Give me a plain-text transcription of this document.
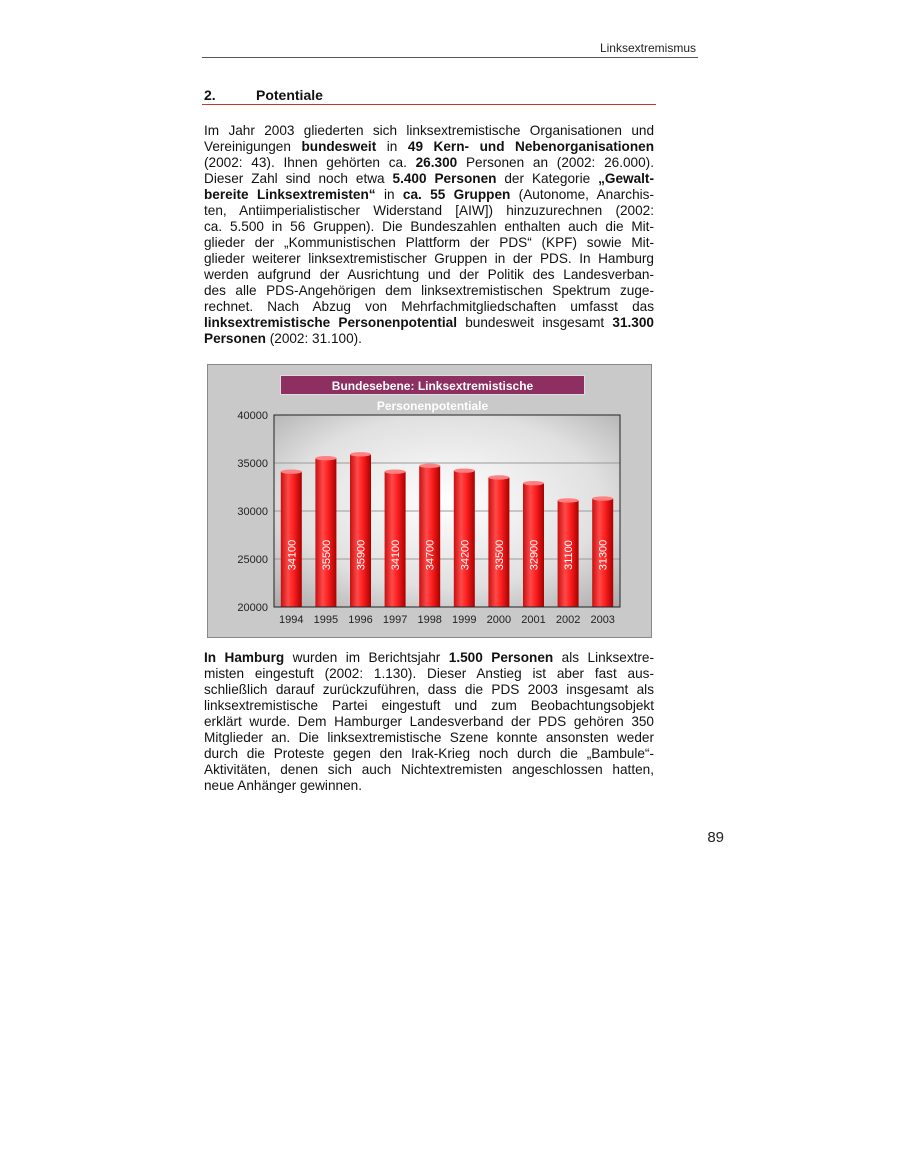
Linksextremismus
2.	Potentiale

Im Jahr 2003 gliederten sich linksextremistische Organisationen und
Vereinigungen bundesweit in 49 Kern- und Nebenorganisationen
(2002: 43). Ihnen gehörten ca. 26.300 Personen an (2002: 26.000).
Dieser Zahl sind noch etwa 5.400 Personen der Kategorie „Gewalt-
bereite Linksextremisten“ in ca. 55 Gruppen (Autonome, Anarchis-
ten, Antiimperialistischer Widerstand [AIW]) hinzuzurechnen (2002:
ca. 5.500 in 56 Gruppen). Die Bundeszahlen enthalten auch die Mit-
glieder der „Kommunistischen Plattform der PDS“ (KPF) sowie Mit-
glieder weiterer linksextremistischer Gruppen in der PDS. In Hamburg
werden aufgrund der Ausrichtung und der Politik des Landesverban-
des alle PDS-Angehörigen dem linksextremistischen Spektrum zuge-
rechnet. Nach Abzug von Mehrfachmitgliedschaften umfasst das
linksextremistische Personenpotential bundesweit insgesamt 31.300
Personen (2002: 31.100).

34100 35500 35900 34100 34700 34200 33500 32900 31100 31300
20000
25000
30000
35000
40000
1994 1995 1996 1997 1998 1999 2000 2001 2002 2003
Bundesebene: Linksextremistische Personenpotentiale

In Hamburg wurden im Berichtsjahr 1.500 Personen als Linksextre-
misten eingestuft (2002: 1.130). Dieser Anstieg ist aber fast aus-
schließlich darauf zurückzuführen, dass die PDS 2003 insgesamt als
linksextremistische Partei eingestuft und zum Beobachtungsobjekt
erklärt wurde. Dem Hamburger Landesverband der PDS gehören 350
Mitglieder an. Die linksextremistische Szene konnte ansonsten weder
durch die Proteste gegen den Irak-Krieg noch durch die „Bambule“-
Aktivitäten, denen sich auch Nichtextremisten angeschlossen hatten,
neue Anhänger gewinnen.

89
